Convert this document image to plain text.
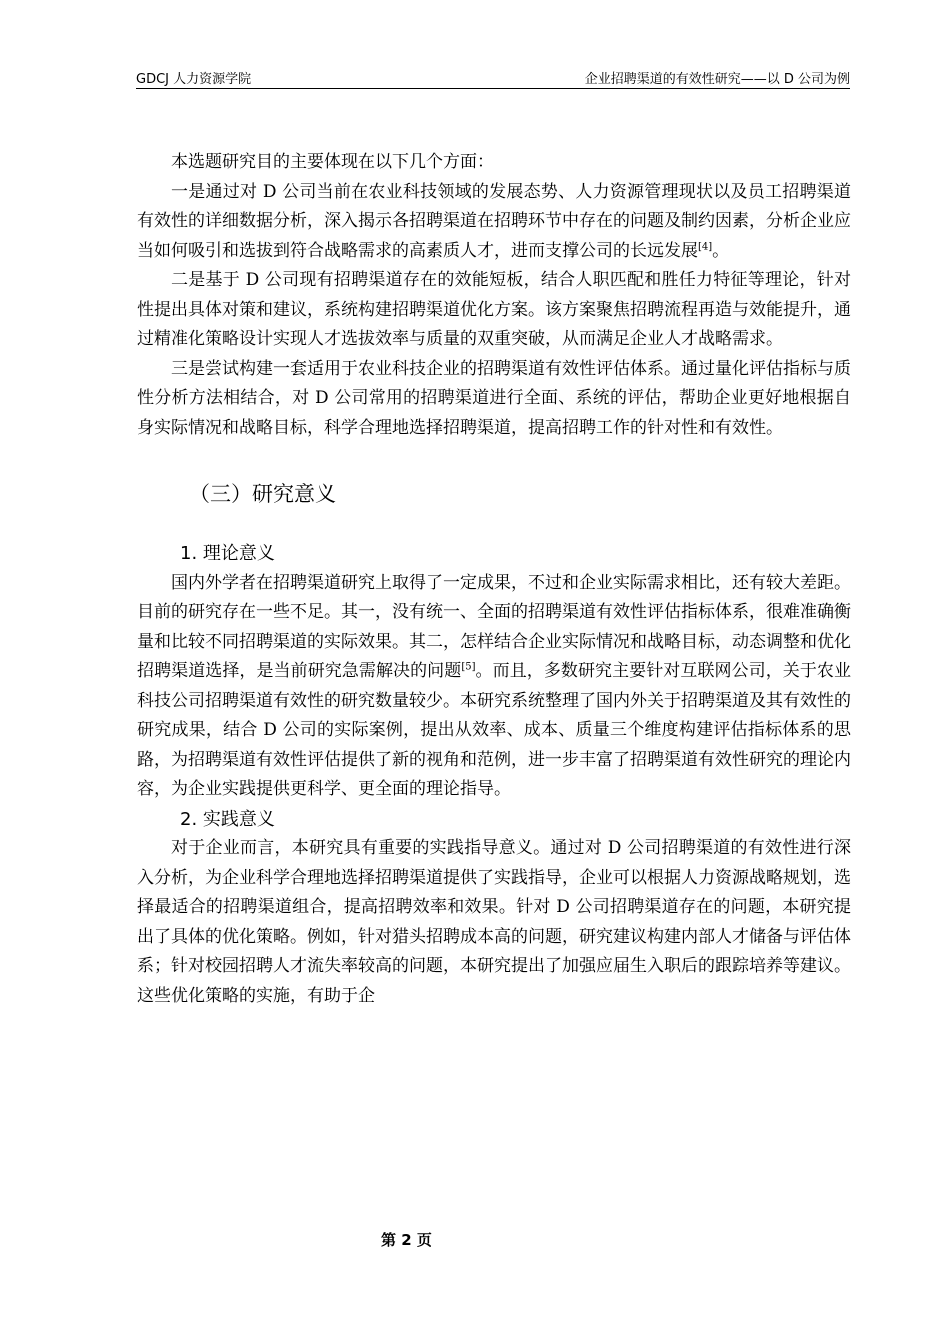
GDCJ 人力资源学院	企业招聘渠道的有效性研究——以 D 公司为例

本选题研究目的主要体现在以下几个方面：

一是通过对 D 公司当前在农业科技领域的发展态势、人力资源管理现状以及员工招聘渠道有效性的详细数据分析，深入揭示各招聘渠道在招聘环节中存在的问题及制约因素，分析企业应当如何吸引和选拔到符合战略需求的高素质人才，进而支撑公司的长远发展[4]。

二是基于 D 公司现有招聘渠道存在的效能短板，结合人职匹配和胜任力特征等理论，针对性提出具体对策和建议，系统构建招聘渠道优化方案。该方案聚焦招聘流程再造与效能提升，通过精准化策略设计实现人才选拔效率与质量的双重突破，从而满足企业人才战略需求。

三是尝试构建一套适用于农业科技企业的招聘渠道有效性评估体系。通过量化评估指标与质性分析方法相结合，对 D 公司常用的招聘渠道进行全面、系统的评估，帮助企业更好地根据自身实际情况和战略目标，科学合理地选择招聘渠道，提高招聘工作的针对性和有效性。

（三）研究意义
1. 理论意义

国内外学者在招聘渠道研究上取得了一定成果，不过和企业实际需求相比，还有较大差距。目前的研究存在一些不足。其一，没有统一、全面的招聘渠道有效性评估指标体系，很难准确衡量和比较不同招聘渠道的实际效果。其二，怎样结合企业实际情况和战略目标，动态调整和优化招聘渠道选择，是当前研究急需解决的问题[5]。而且，多数研究主要针对互联网公司，关于农业科技公司招聘渠道有效性的研究数量较少。本研究系统整理了国内外关于招聘渠道及其有效性的研究成果，结合 D 公司的实际案例，提出从效率、成本、质量三个维度构建评估指标体系的思路，为招聘渠道有效性评估提供了新的视角和范例，进一步丰富了招聘渠道有效性研究的理论内容，为企业实践提供更科学、更全面的理论指导。

2. 实践意义

对于企业而言，本研究具有重要的实践指导意义。通过对 D 公司招聘渠道的有效性进行深入分析，为企业科学合理地选择招聘渠道提供了实践指导，企业可以根据人力资源战略规划，选择最适合的招聘渠道组合，提高招聘效率和效果。针对 D 公司招聘渠道存在的问题，本研究提出了具体的优化策略。例如，针对猎头招聘成本高的问题，研究建议构建内部人才储备与评估体系；针对校园招聘人才流失率较高的问题，本研究提出了加强应届生入职后的跟踪培养等建议。这些优化策略的实施，有助于企

第 2 页
